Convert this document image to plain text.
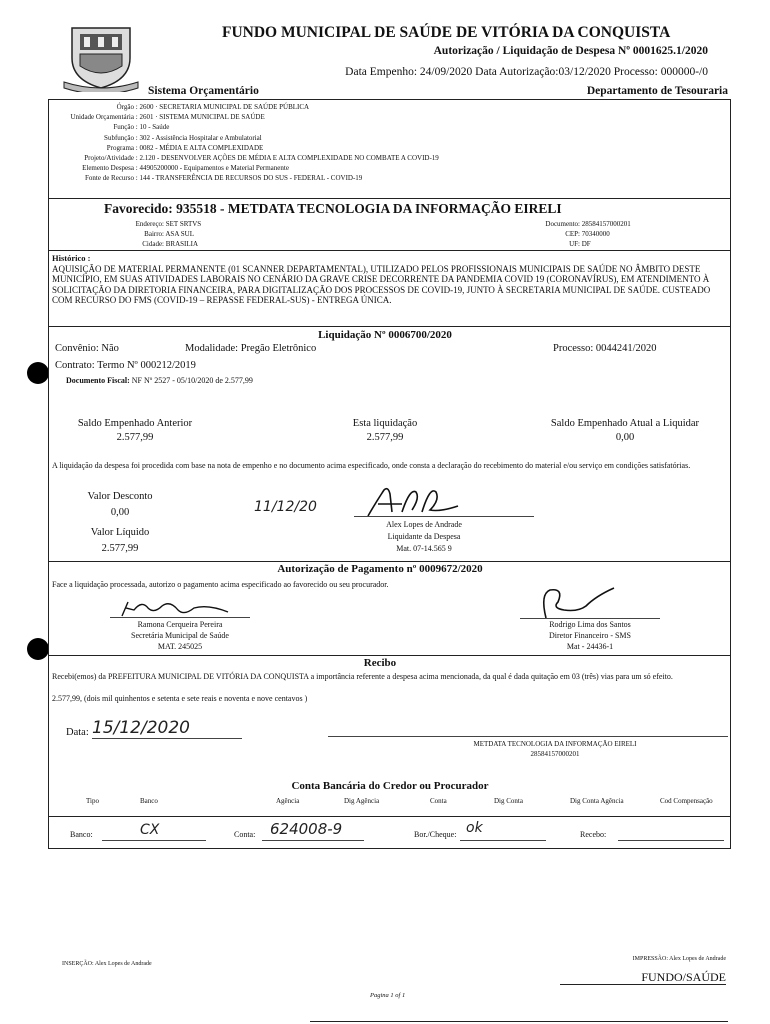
FUNDO MUNICIPAL DE SAÚDE DE VITÓRIA DA CONQUISTA
Autorização / Liquidação de Despesa Nº 0001625.1/2020
Data Empenho: 24/09/2020 Data Autorização:03/12/2020 Processo: 000000-/0
Sistema Orçamentário	Departamento de Tesouraria
Órgão : 2600 · SECRETARIA MUNICIPAL DE SAÚDE PÚBLICA
Unidade Orçamentária : 2601 · SISTEMA MUNICIPAL DE SAÚDE
Função : 10 - Saúde
Subfunção : 302 - Assistência Hospitalar e Ambulatorial
Programa : 0082 - MÉDIA E ALTA COMPLEXIDADE
Projeto/Atividade : 2.120 - DESENVOLVER AÇÕES DE MÉDIA E ALTA COMPLEXIDADE NO COMBATE A COVID-19
Elemento Despesa : 44905200000 - Equipamentos e Material Permanente
Fonte de Recurso : 144 - TRANSFERÊNCIA DE RECURSOS DO SUS - FEDERAL - COVID-19
Favorecido: 935518 - METDATA TECNOLOGIA DA INFORMAÇÃO EIRELI
Endereço: SET SRTVS
Bairro: ASA SUL
Cidade: BRASILIA
Documento: 28584157000201
CEP: 70340000
UF: DF
Histórico :
AQUISIÇÃO DE MATERIAL PERMANENTE (01 SCANNER DEPARTAMENTAL), UTILIZADO PELOS PROFISSIONAIS MUNICIPAIS DE SAÚDE NO ÂMBITO DESTE MUNICÍPIO, EM SUAS ATIVIDADES LABORAIS NO CENÁRIO DA GRAVE CRISE DECORRENTE DA PANDEMIA COVID 19 (CORONAVÍRUS), EM ATENDIMENTO À SOLICITAÇÃO DA DIRETORIA FINANCEIRA, PARA DIGITALIZAÇÃO DOS PROCESSOS DE COVID-19, JUNTO À SECRETARIA MUNICIPAL DE SAÚDE. CUSTEADO COM RECURSO DO FMS (COVID-19 – REPASSE FEDERAL-SUS) - ENTREGA ÚNICA.
Liquidação Nº 0006700/2020
Convênio: Não	Modalidade: Pregão Eletrônico	Processo: 0044241/2020
Contrato: Termo Nº 000212/2019
Documento Fiscal: NF Nº 2527 - 05/10/2020 de 2.577,99
Saldo Empenhado Anterior
2.577,99
Esta liquidação
2.577,99
Saldo Empenhado Atual a Liquidar
0,00
A liquidação da despesa foi procedida com base na nota de empenho e no documento acima especificado, onde consta a declaração do recebimento do material e/ou serviço em condições satisfatórias.
Valor Desconto
0,00
Valor Líquido
2.577,99
11/12/20
Alex Lopes de Andrade
Liquidante da Despesa
Mat. 07-14.565 9
Autorização de Pagamento nº 0009672/2020
Face a liquidação processada, autorizo o pagamento acima especificado ao favorecido ou seu procurador.
Ramona Cerqueira Pereira
Secretária Municipal de Saúde
MAT. 245025
Rodrigo Lima dos Santos
Diretor Financeiro - SMS
Mat - 24436-1
Recibo
Recebi(emos) da PREFEITURA MUNICIPAL DE VITÓRIA DA CONQUISTA a importância referente a despesa acima mencionada, da qual é dada quitação em 03 (três) vias para um só efeito.
2.577,99, (dois mil quinhentos e setenta e sete reais e noventa e nove centavos )
Data: 15/12/2020
METDATA TECNOLOGIA DA INFORMAÇÃO EIRELI
28584157000201
Conta Bancária do Credor ou Procurador
Tipo	Banco	Agência	Dig Agência	Conta	Dig Conta	Dig Conta Agência	Cod Compensação
Banco:	CX	Conta: 624008-9	Bor./Cheque: ok	Recebo:
INSERÇÃO: Alex Lopes de Andrade
IMPRESSÃO: Alex Lopes de Andrade
FUNDO/SAÚDE
Pagina 1 of 1
